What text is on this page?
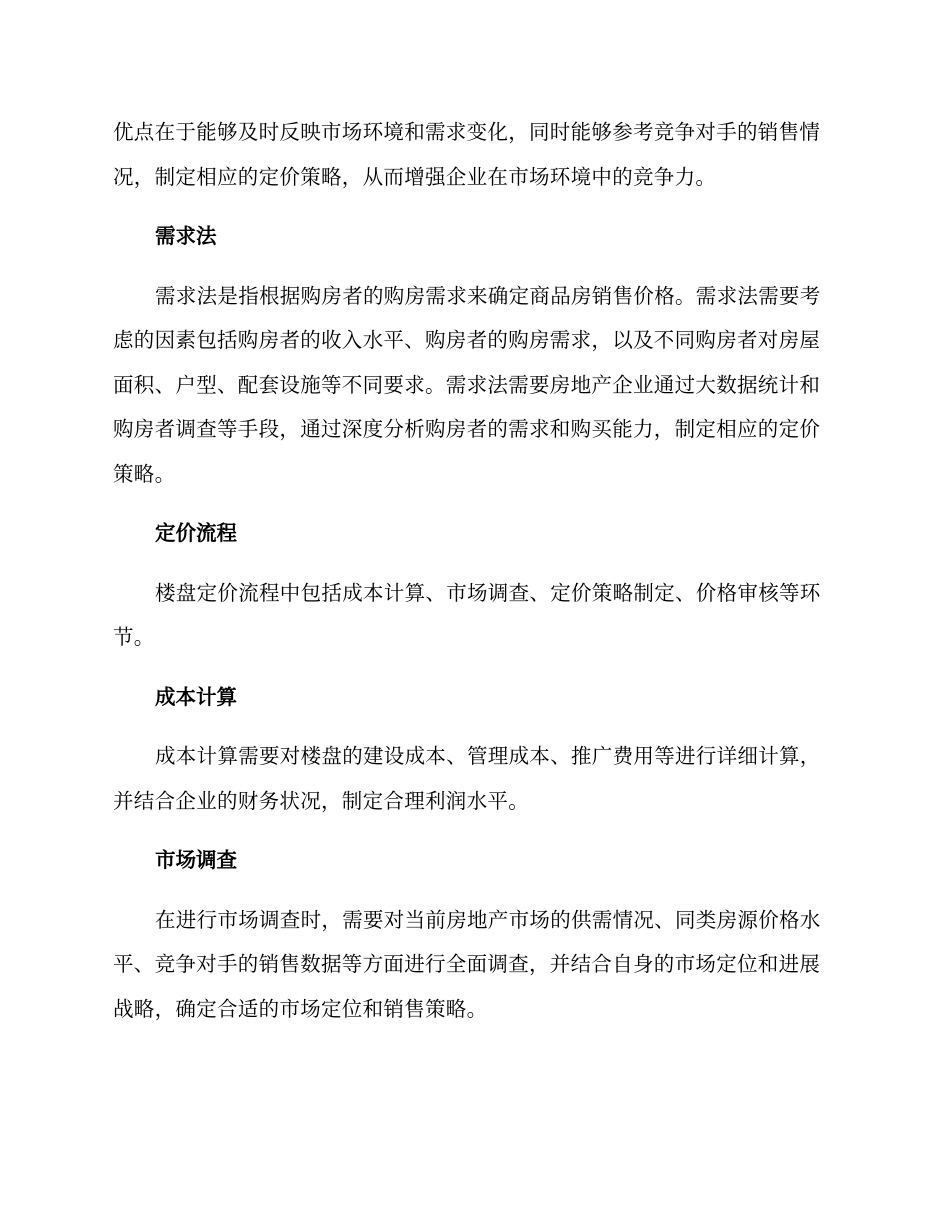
优点在于能够及时反映市场环境和需求变化，同时能够参考竞争对手的销售情况，制定相应的定价策略，从而增强企业在市场环境中的竞争力。

需求法

需求法是指根据购房者的购房需求来确定商品房销售价格。需求法需要考虑的因素包括购房者的收入水平、购房者的购房需求，以及不同购房者对房屋面积、户型、配套设施等不同要求。需求法需要房地产企业通过大数据统计和购房者调查等手段，通过深度分析购房者的需求和购买能力，制定相应的定价策略。

定价流程

楼盘定价流程中包括成本计算、市场调查、定价策略制定、价格审核等环节。

成本计算

成本计算需要对楼盘的建设成本、管理成本、推广费用等进行详细计算，并结合企业的财务状况，制定合理利润水平。

市场调查

在进行市场调查时，需要对当前房地产市场的供需情况、同类房源价格水平、竞争对手的销售数据等方面进行全面调查，并结合自身的市场定位和进展战略，确定合适的市场定位和销售策略。
